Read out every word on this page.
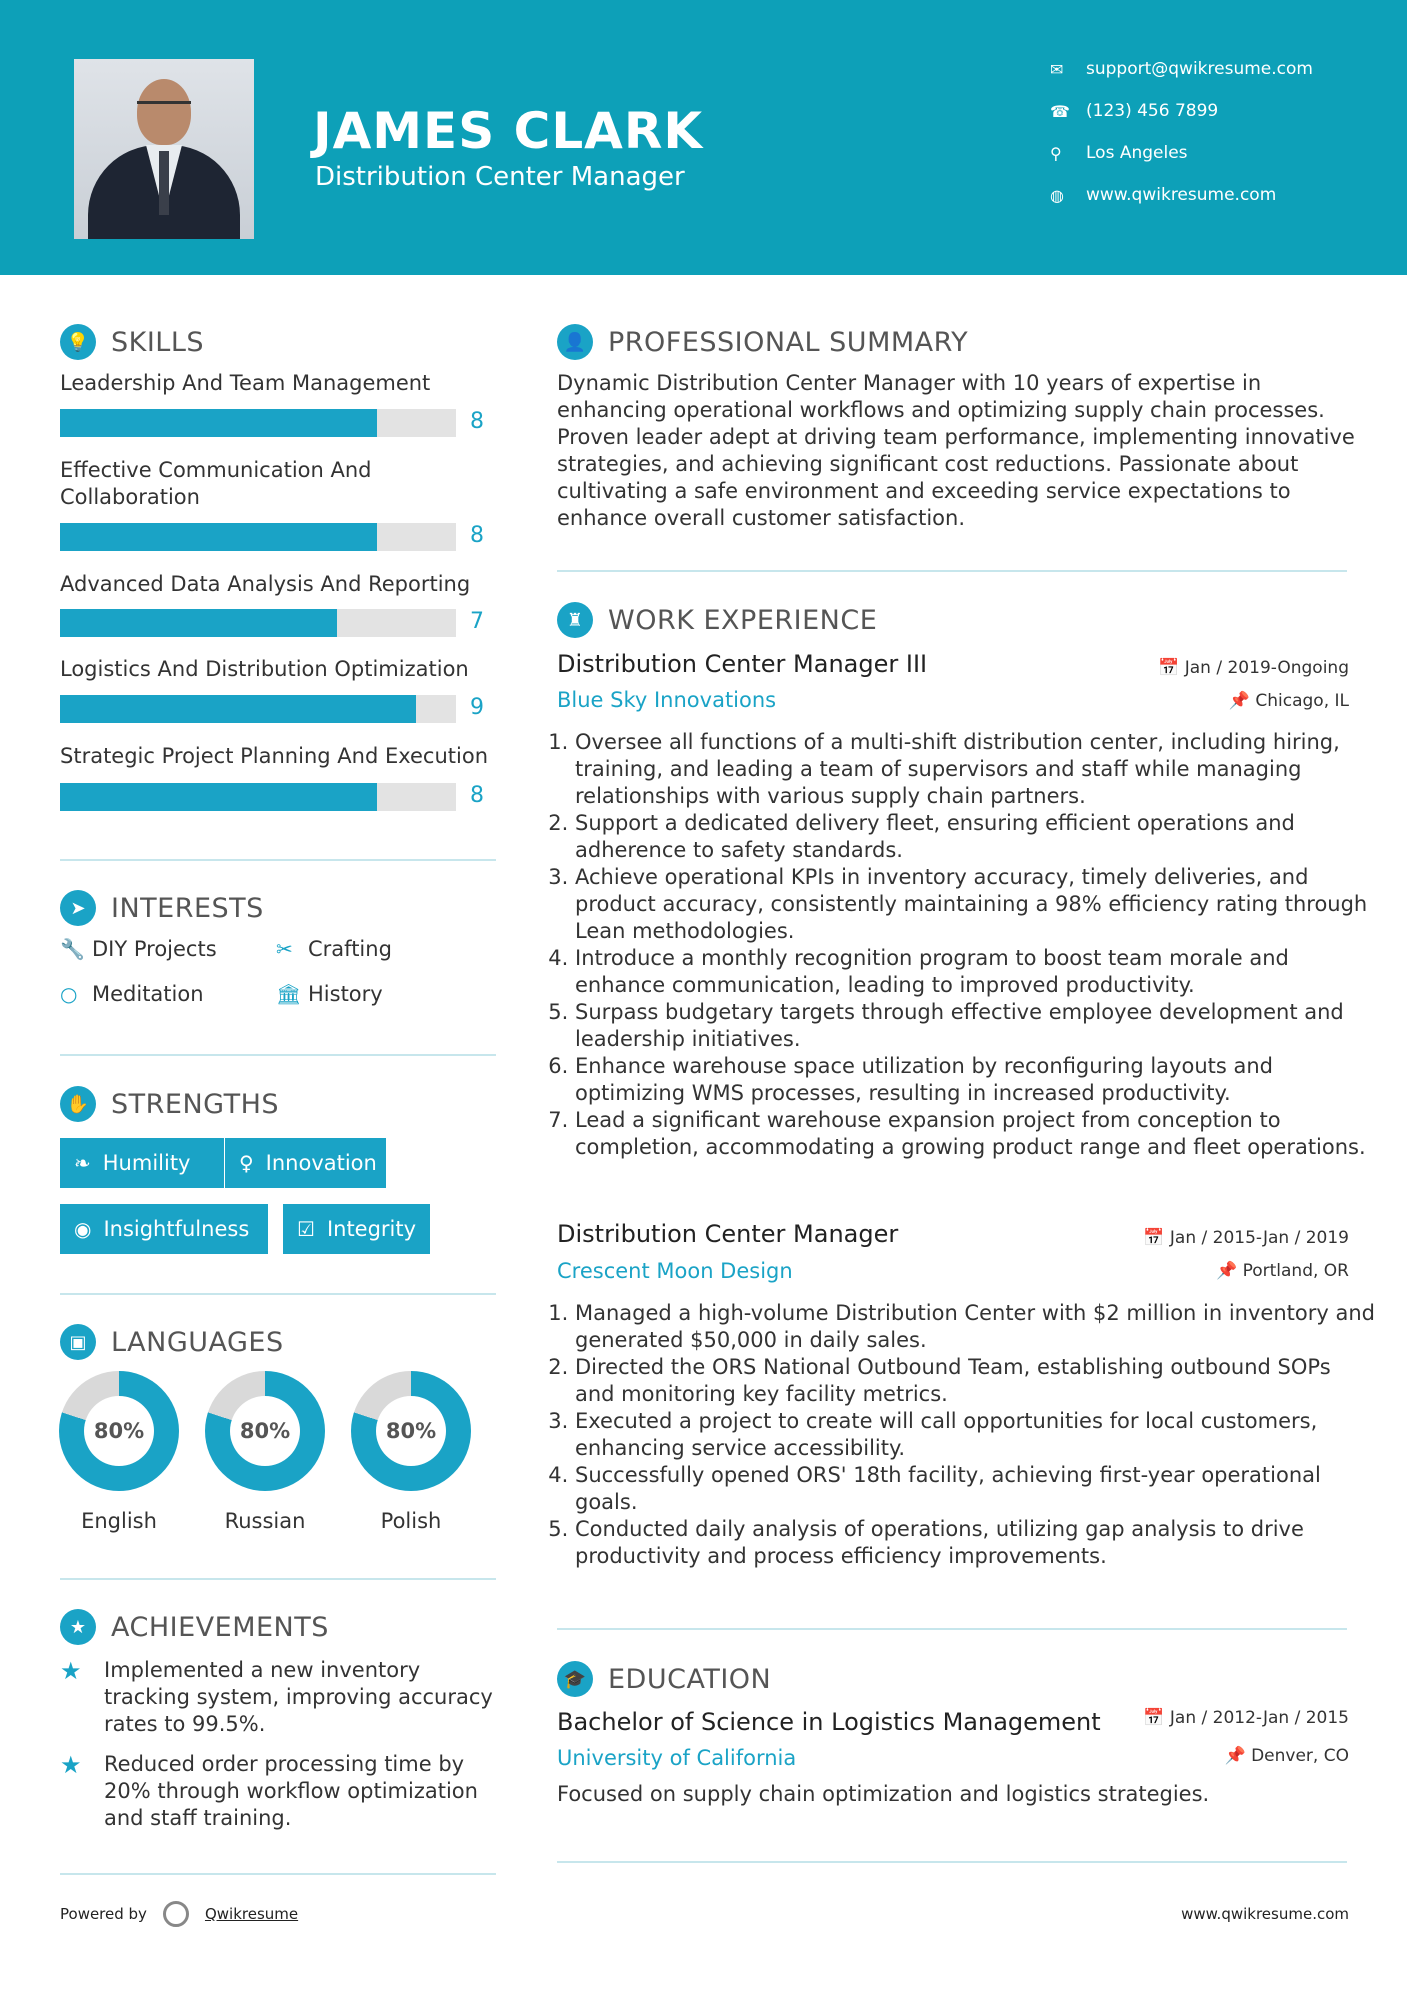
JAMES CLARK
Distribution Center Manager
✉	support@qwikresume.com
☎ (123) 456 7899
⚲	Los Angeles
◍	www.qwikresume.com
💡 SKILLS
Leadership And Team Management
8
Effective Communication And Collaboration
8
Advanced Data Analysis And Reporting
7
Logistics And Distribution Optimization
9
Strategic Project Planning And Execution
8
➤ INTERESTS
🔧 DIY Projects	✂ Crafting
○ Meditation	🏛 History
✋ STRENGTHS
❧ Humility ♀ Innovation
◉ Insightfulness ☑ Integrity
▣ LANGUAGES
80%
English
80%
Russian
80%
Polish
★ ACHIEVEMENTS
★	Implemented a new inventory tracking system, improving accuracy rates to 99.5%.
★	Reduced order processing time by 20% through workflow optimization and staff training.
👤 PROFESSIONAL SUMMARY
Dynamic Distribution Center Manager with 10 years of expertise in enhancing operational workflows and optimizing supply chain processes. Proven leader adept at driving team performance, implementing innovative strategies, and achieving significant cost reductions. Passionate about cultivating a safe environment and exceeding service expectations to enhance overall customer satisfaction.
♜ WORK EXPERIENCE
Distribution Center Manager III	📅 Jan / 2019-Ongoing
Blue Sky Innovations	📌 Chicago, IL
1. Oversee all functions of a multi-shift distribution center, including hiring, training, and leading a team of supervisors and staff while managing relationships with various supply chain partners.
2. Support a dedicated delivery fleet, ensuring efficient operations and adherence to safety standards.
3. Achieve operational KPIs in inventory accuracy, timely deliveries, and product accuracy, consistently maintaining a 98% efficiency rating through Lean methodologies.
4. Introduce a monthly recognition program to boost team morale and enhance communication, leading to improved productivity.
5. Surpass budgetary targets through effective employee development and leadership initiatives.
6. Enhance warehouse space utilization by reconfiguring layouts and optimizing WMS processes, resulting in increased productivity.
7. Lead a significant warehouse expansion project from conception to completion, accommodating a growing product range and fleet operations.
Distribution Center Manager	📅 Jan / 2015-Jan / 2019
Crescent Moon Design	📌 Portland, OR
1. Managed a high-volume Distribution Center with $2 million in inventory and generated $50,000 in daily sales.
2. Directed the ORS National Outbound Team, establishing outbound SOPs and monitoring key facility metrics.
3. Executed a project to create will call opportunities for local customers, enhancing service accessibility.
4. Successfully opened ORS' 18th facility, achieving first-year operational goals.
5. Conducted daily analysis of operations, utilizing gap analysis to drive productivity and process efficiency improvements.
🎓 EDUCATION
Bachelor of Science in Logistics Management	📅 Jan / 2012-Jan / 2015
University of California	📌 Denver, CO
Focused on supply chain optimization and logistics strategies.
Powered by	Qwikresume	www.qwikresume.com
